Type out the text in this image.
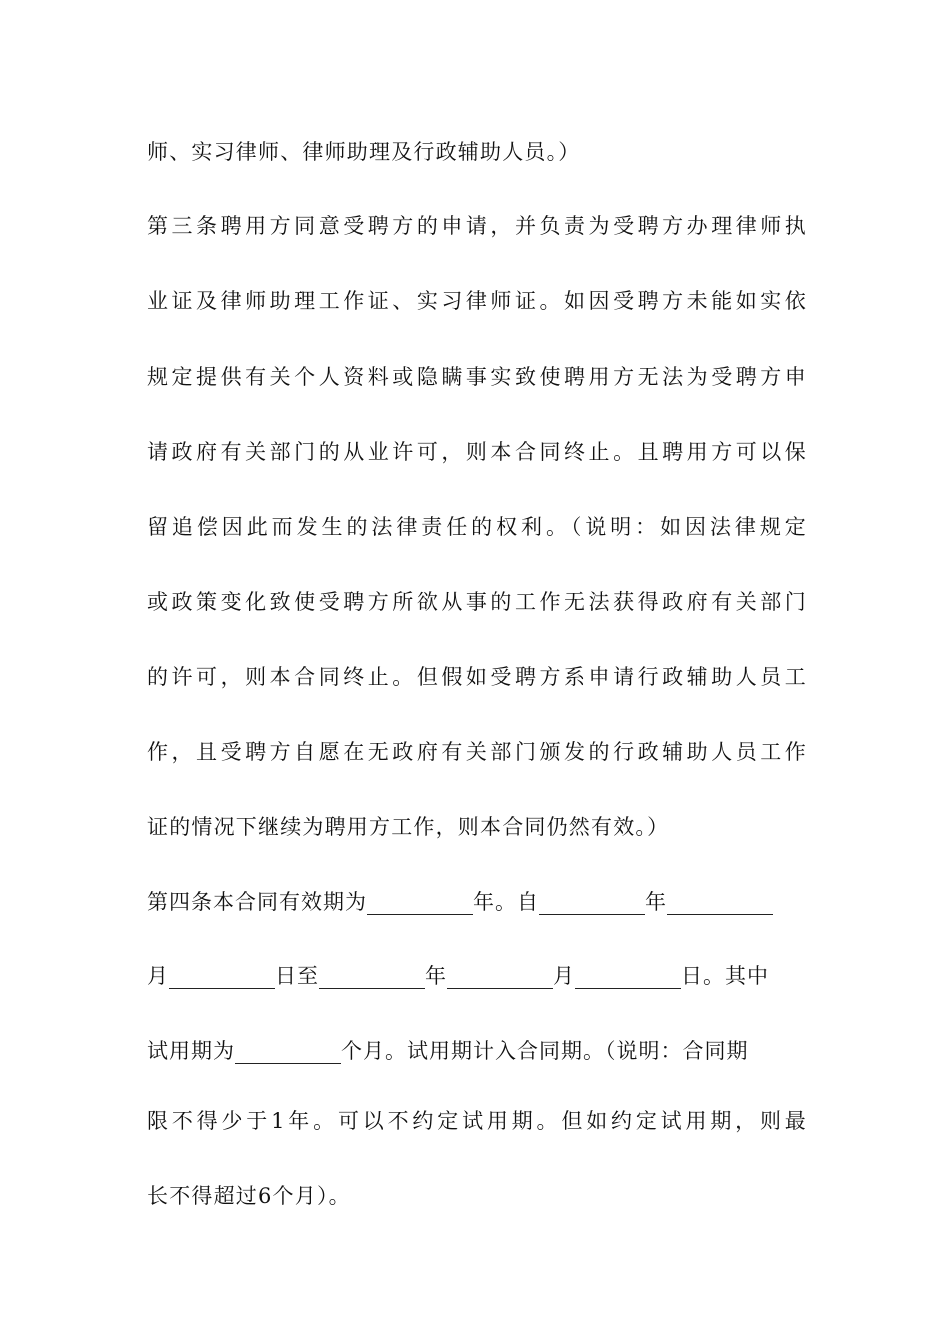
师、实习律师、律师助理及行政辅助人员。）
第三条聘用方同意受聘方的申请，并负责为受聘方办理律师执
业证及律师助理工作证、实习律师证。如因受聘方未能如实依
规定提供有关个人资料或隐瞒事实致使聘用方无法为受聘方申
请政府有关部门的从业许可，则本合同终止。且聘用方可以保
留追偿因此而发生的法律责任的权利。（说明：如因法律规定
或政策变化致使受聘方所欲从事的工作无法获得政府有关部门
的许可，则本合同终止。但假如受聘方系申请行政辅助人员工
作，且受聘方自愿在无政府有关部门颁发的行政辅助人员工作
证的情况下继续为聘用方工作，则本合同仍然有效。）
第四条本合同有效期为	年。自	年
月	日至	年	月	日。其中
试用期为	个月。试用期计入合同期。（说明：合同期
限不得少于1年。可以不约定试用期。但如约定试用期，则最
长不得超过6个月）。
